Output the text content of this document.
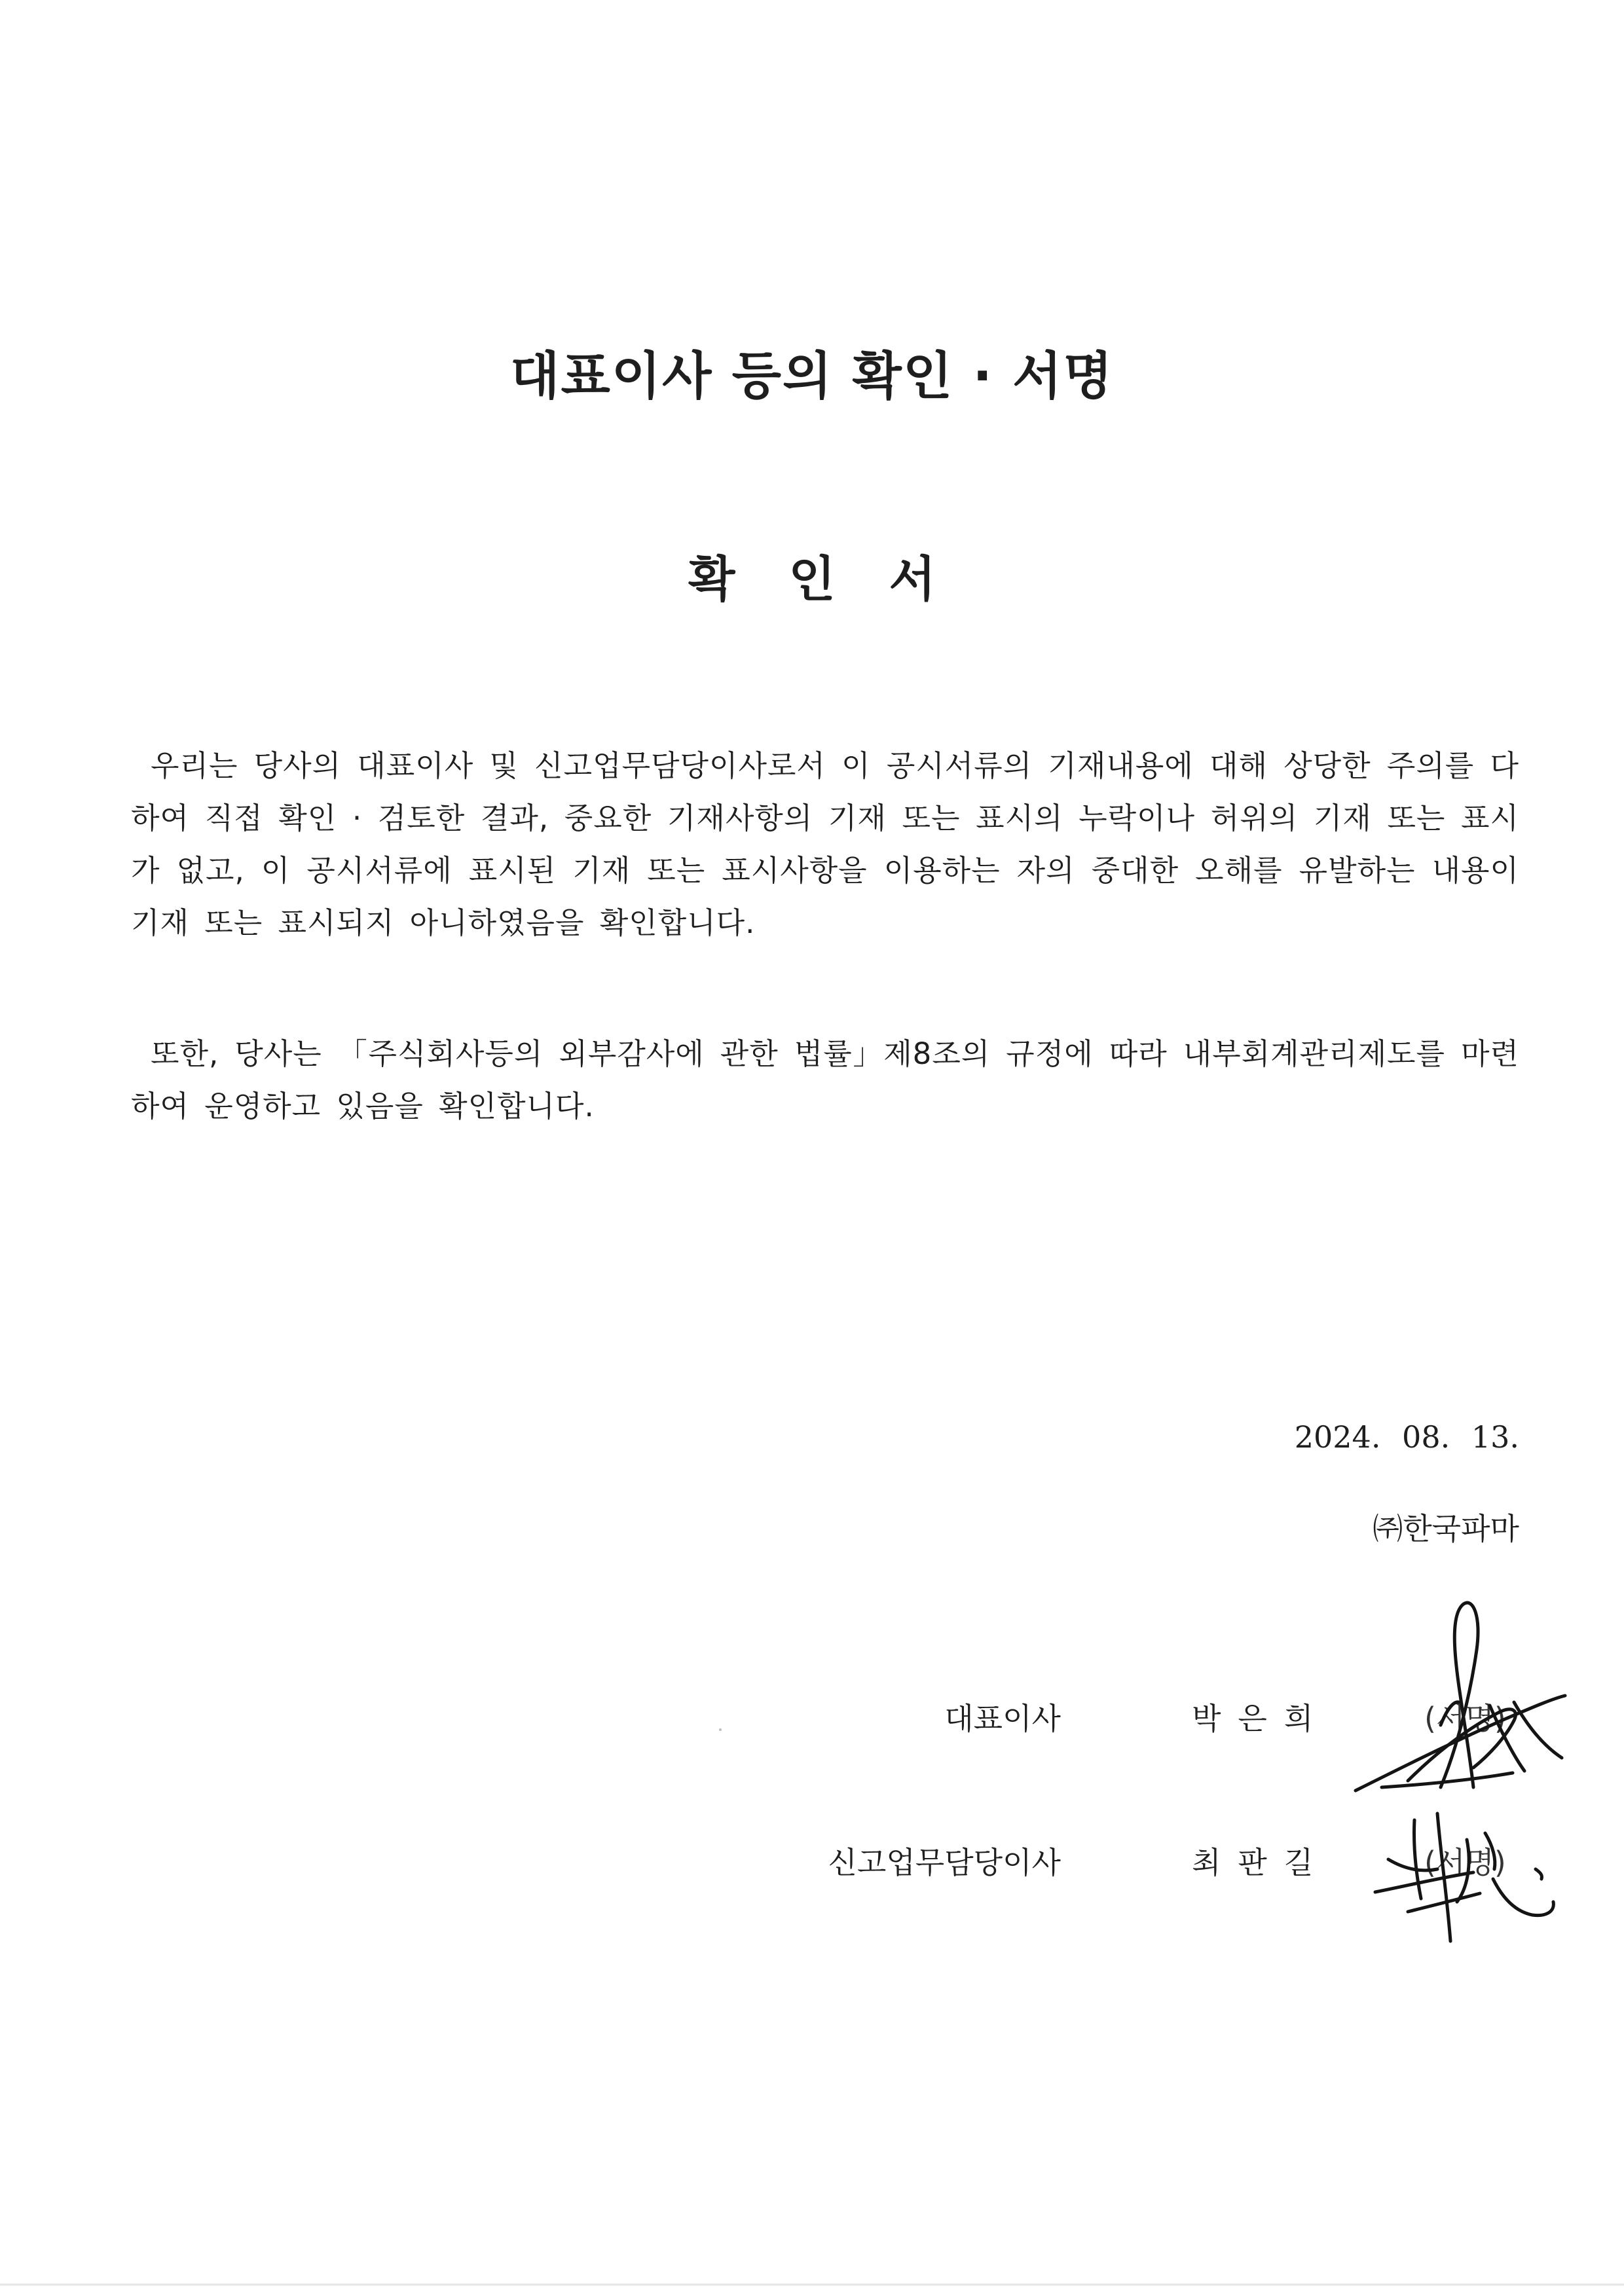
대표이사 등의 확인 · 서명
확 인 서

우리는 당사의 대표이사 및 신고업무담당이사로서 이 공시서류의 기재내용에 대해 상당한 주의를 다하여 직접 확인 · 검토한 결과, 중요한 기재사항의 기재 또는 표시의 누락이나 허위의 기재 또는 표시가 없고, 이 공시서류에 표시된 기재 또는 표시사항을 이용하는 자의 중대한 오해를 유발하는 내용이 기재 또는 표시되지 아니하였음을 확인합니다.

또한, 당사는 「주식회사등의 외부감사에 관한 법률」제8조의 규정에 따라 내부회계관리제도를 마련하여 운영하고 있음을 확인합니다.

2024. 08. 13.
㈜한국파마
대표이사	박은희	(서명)
신고업무담당이사	최판길	(서명)
